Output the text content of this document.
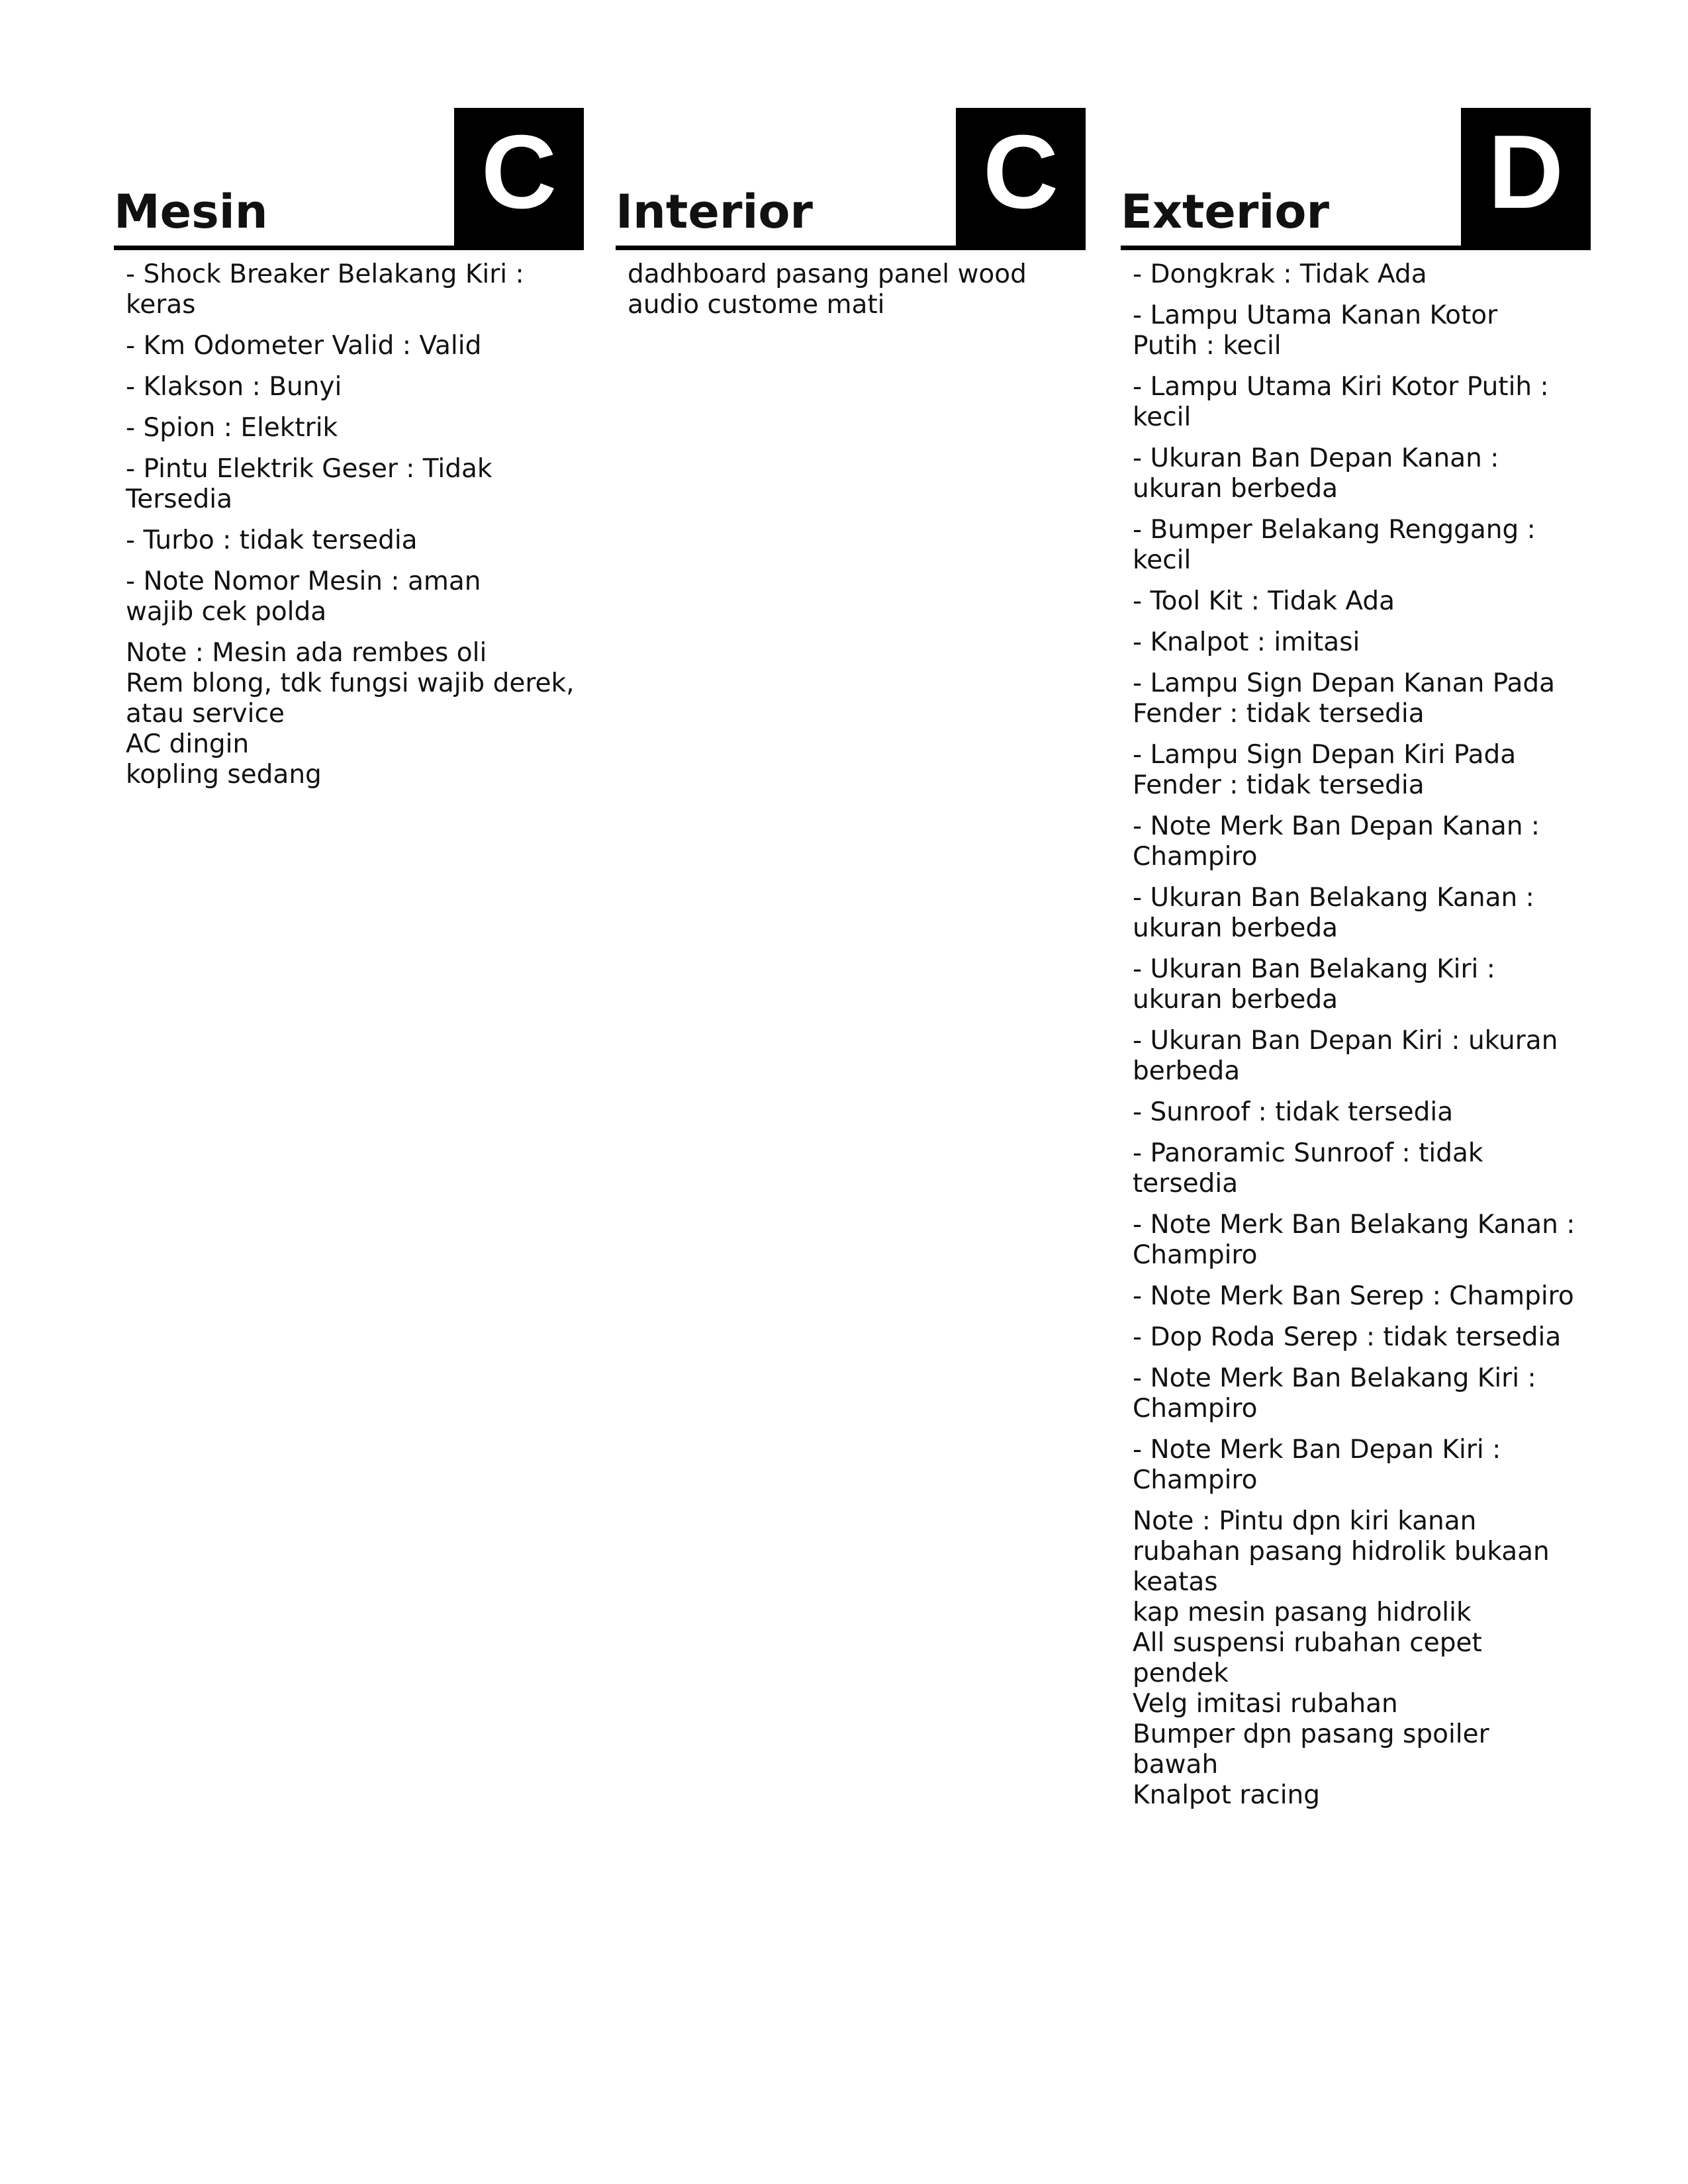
Mesin C
- Shock Breaker Belakang Kiri :
keras
- Km Odometer Valid : Valid
- Klakson : Bunyi
- Spion : Elektrik
- Pintu Elektrik Geser : Tidak
Tersedia
- Turbo : tidak tersedia
- Note Nomor Mesin : aman
wajib cek polda

Note : Mesin ada rembes oli
Rem blong, tdk fungsi wajib derek,
atau service
AC dingin
kopling sedang

Interior C

dadhboard pasang panel wood
audio custome mati

Exterior D
- Dongkrak : Tidak Ada
- Lampu Utama Kanan Kotor
Putih : kecil
- Lampu Utama Kiri Kotor Putih :
kecil
- Ukuran Ban Depan Kanan :
ukuran berbeda
- Bumper Belakang Renggang :
kecil
- Tool Kit : Tidak Ada
- Knalpot : imitasi
- Lampu Sign Depan Kanan Pada
Fender : tidak tersedia
- Lampu Sign Depan Kiri Pada
Fender : tidak tersedia
- Note Merk Ban Depan Kanan :
Champiro
- Ukuran Ban Belakang Kanan :
ukuran berbeda
- Ukuran Ban Belakang Kiri :
ukuran berbeda
- Ukuran Ban Depan Kiri : ukuran
berbeda
- Sunroof : tidak tersedia
- Panoramic Sunroof : tidak
tersedia
- Note Merk Ban Belakang Kanan :
Champiro
- Note Merk Ban Serep : Champiro
- Dop Roda Serep : tidak tersedia
- Note Merk Ban Belakang Kiri :
Champiro
- Note Merk Ban Depan Kiri :
Champiro

Note : Pintu dpn kiri kanan
rubahan pasang hidrolik bukaan
keatas
kap mesin pasang hidrolik
All suspensi rubahan cepet
pendek
Velg imitasi rubahan
Bumper dpn pasang spoiler
bawah
Knalpot racing
